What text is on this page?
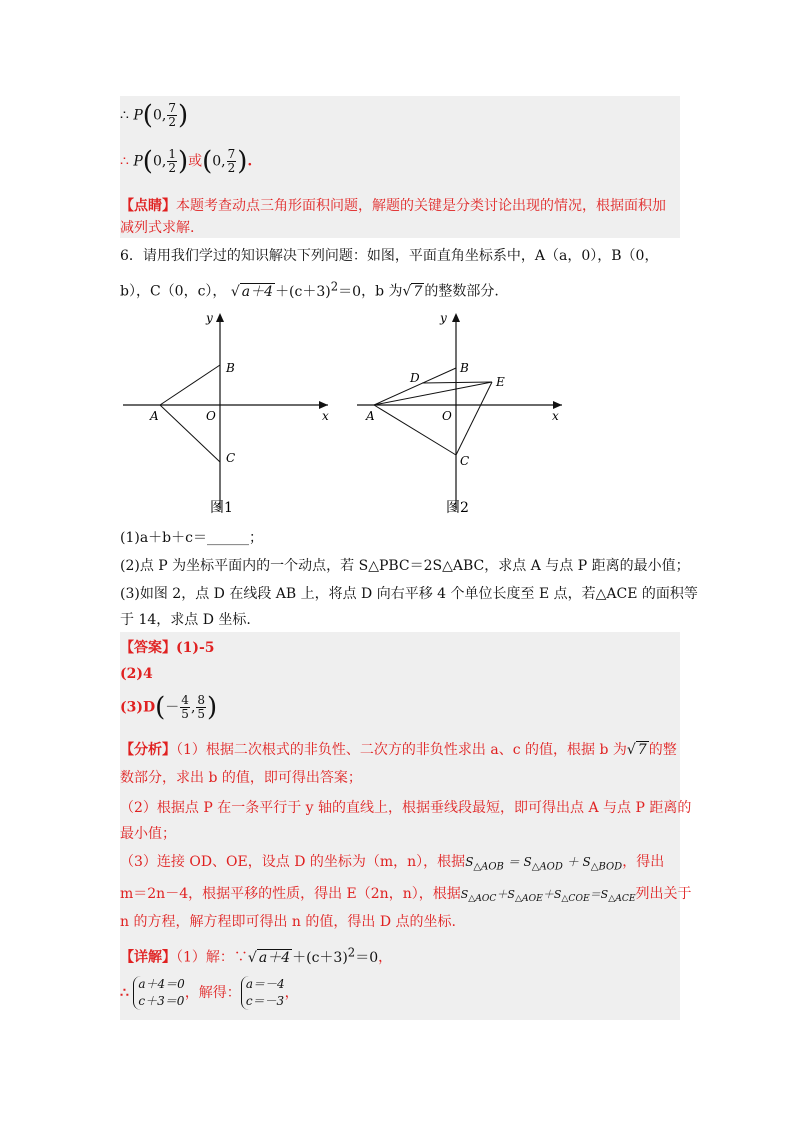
∴ P(0, $\frac{7}{2}$ )
∴ P(0, $\frac{1}{2}$ )或(0, $\frac{7}{2}$ ).
【点睛】本题考查动点三角形面积问题，解题的关键是分类讨论出现的情况，根据面积加
减列式求解.
6．请用我们学过的知识解决下列问题：如图，平面直角坐标系中，A（a，0），B（0，
b），C（0，c）， √ $a+4 +(c+3)^2=0$，b 为√ 7 的整数部分.
y
x
A
B
C
O
图1
y
x
A
B
C
O
D	E
图2
(1)a＋b＋c＝______；
(2)点 P 为坐标平面内的一个动点，若 S△PBC＝2S△ABC，求点 A 与点 P 距离的最小值；
(3)如图 2，点 D 在线段 AB 上，将点 D 向右平移 4 个单位长度至 E 点，若△ACE 的面积等
于 14，求点 D 坐标.
【答案】(1)-5
(2)4
$(3)D(- \frac{4}{5}$ , $\frac{8}{5}$ )
【分析】（1）根据二次根式的非负性、二次方的非负性求出 a、c 的值，根据 b 为√ 7 的整
数部分，求出 b 的值，即可得出答案；
（2）根据点 P 在一条平行于 y 轴的直线上，根据垂线段最短，即可得出点 A 与点 P 距离的
最小值；
（3）连接 OD、OE，设点 D 的坐标为（m，n），根据$S_{\triangle AOB} = S_{\triangle AOD} + S_{\triangle BOD}$，得出
m＝2n－4，根据平移的性质，得出 E（2n，n），根据$S_{\triangle AOC}+S_{\triangle AOE}+S_{\triangle COE}=S_{\triangle ACE}$列出关于
n 的方程，解方程即可得出 n 的值，得出 D 点的坐标.
【详解】（1）解：∵√ $a+4 +(c+3)^2=0$，
∴
a＋4＝0
c＋3＝0 ，解得：
a＝－4
c＝－3 ，
